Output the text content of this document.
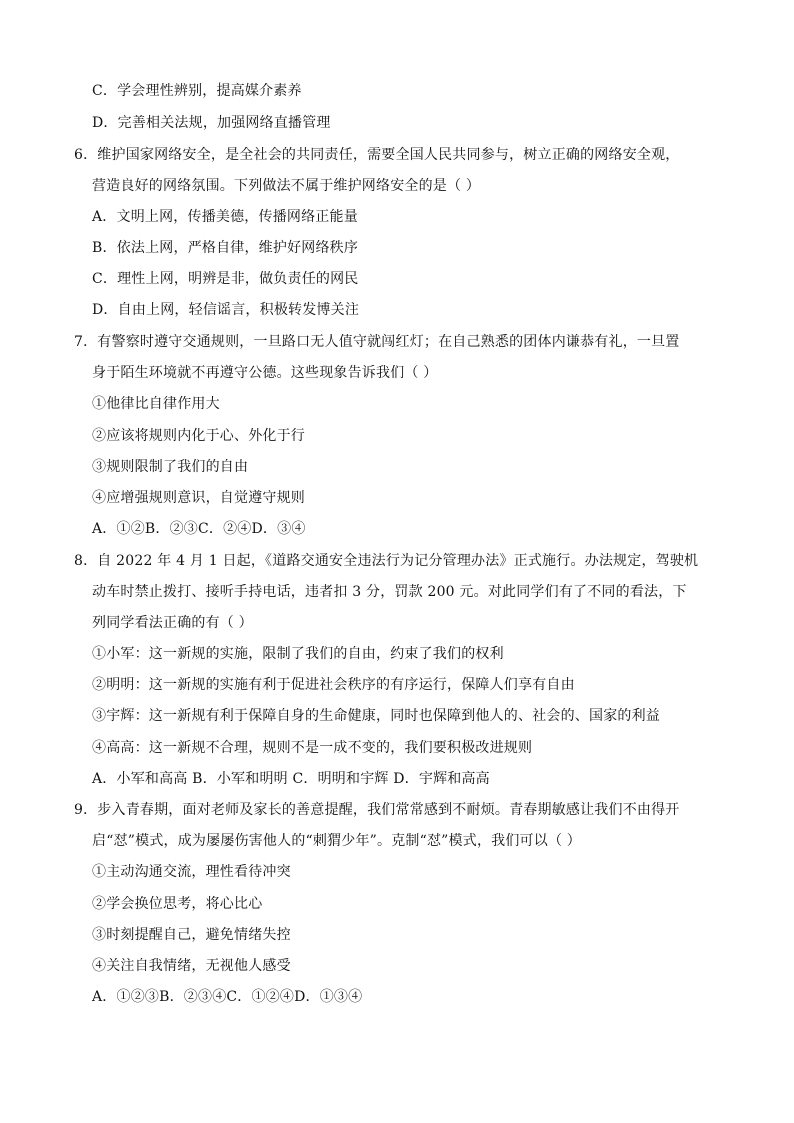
C．学会理性辨别，提高媒介素养
D．完善相关法规，加强网络直播管理
6．维护国家网络安全，是全社会的共同责任，需要全国人民共同参与，树立正确的网络安全观，
营造良好的网络氛围。下列做法不属于维护网络安全的是（ ）
A．文明上网，传播美德，传播网络正能量
B．依法上网，严格自律，维护好网络秩序
C．理性上网，明辨是非，做负责任的网民
D．自由上网，轻信谣言，积极转发博关注
7．有警察时遵守交通规则，一旦路口无人值守就闯红灯；在自己熟悉的团体内谦恭有礼，一旦置
身于陌生环境就不再遵守公德。这些现象告诉我们（ ）
①他律比自律作用大
②应该将规则内化于心、外化于行
③规则限制了我们的自由
④应增强规则意识，自觉遵守规则
A．①②B．②③C．②④D．③④
8．自 2022 年 4 月 1 日起，《道路交通安全违法行为记分管理办法》正式施行。办法规定，驾驶机
动车时禁止拨打、接听手持电话，违者扣 3 分，罚款 200 元。对此同学们有了不同的看法，下
列同学看法正确的有（ ）
①小军：这一新规的实施，限制了我们的自由，约束了我们的权利
②明明：这一新规的实施有利于促进社会秩序的有序运行，保障人们享有自由
③宇辉：这一新规有利于保障自身的生命健康，同时也保障到他人的、社会的、国家的利益
④高高：这一新规不合理，规则不是一成不变的，我们要积极改进规则
A．小军和高高 B．小军和明明 C．明明和宇辉 D．宇辉和高高
9．步入青春期，面对老师及家长的善意提醒，我们常常感到不耐烦。青春期敏感让我们不由得开
启“怼”模式，成为屡屡伤害他人的“刺猬少年”。克制“怼”模式，我们可以（ ）
①主动沟通交流，理性看待冲突
②学会换位思考，将心比心
③时刻提醒自己，避免情绪失控
④关注自我情绪，无视他人感受
A．①②③B．②③④C．①②④D．①③④
